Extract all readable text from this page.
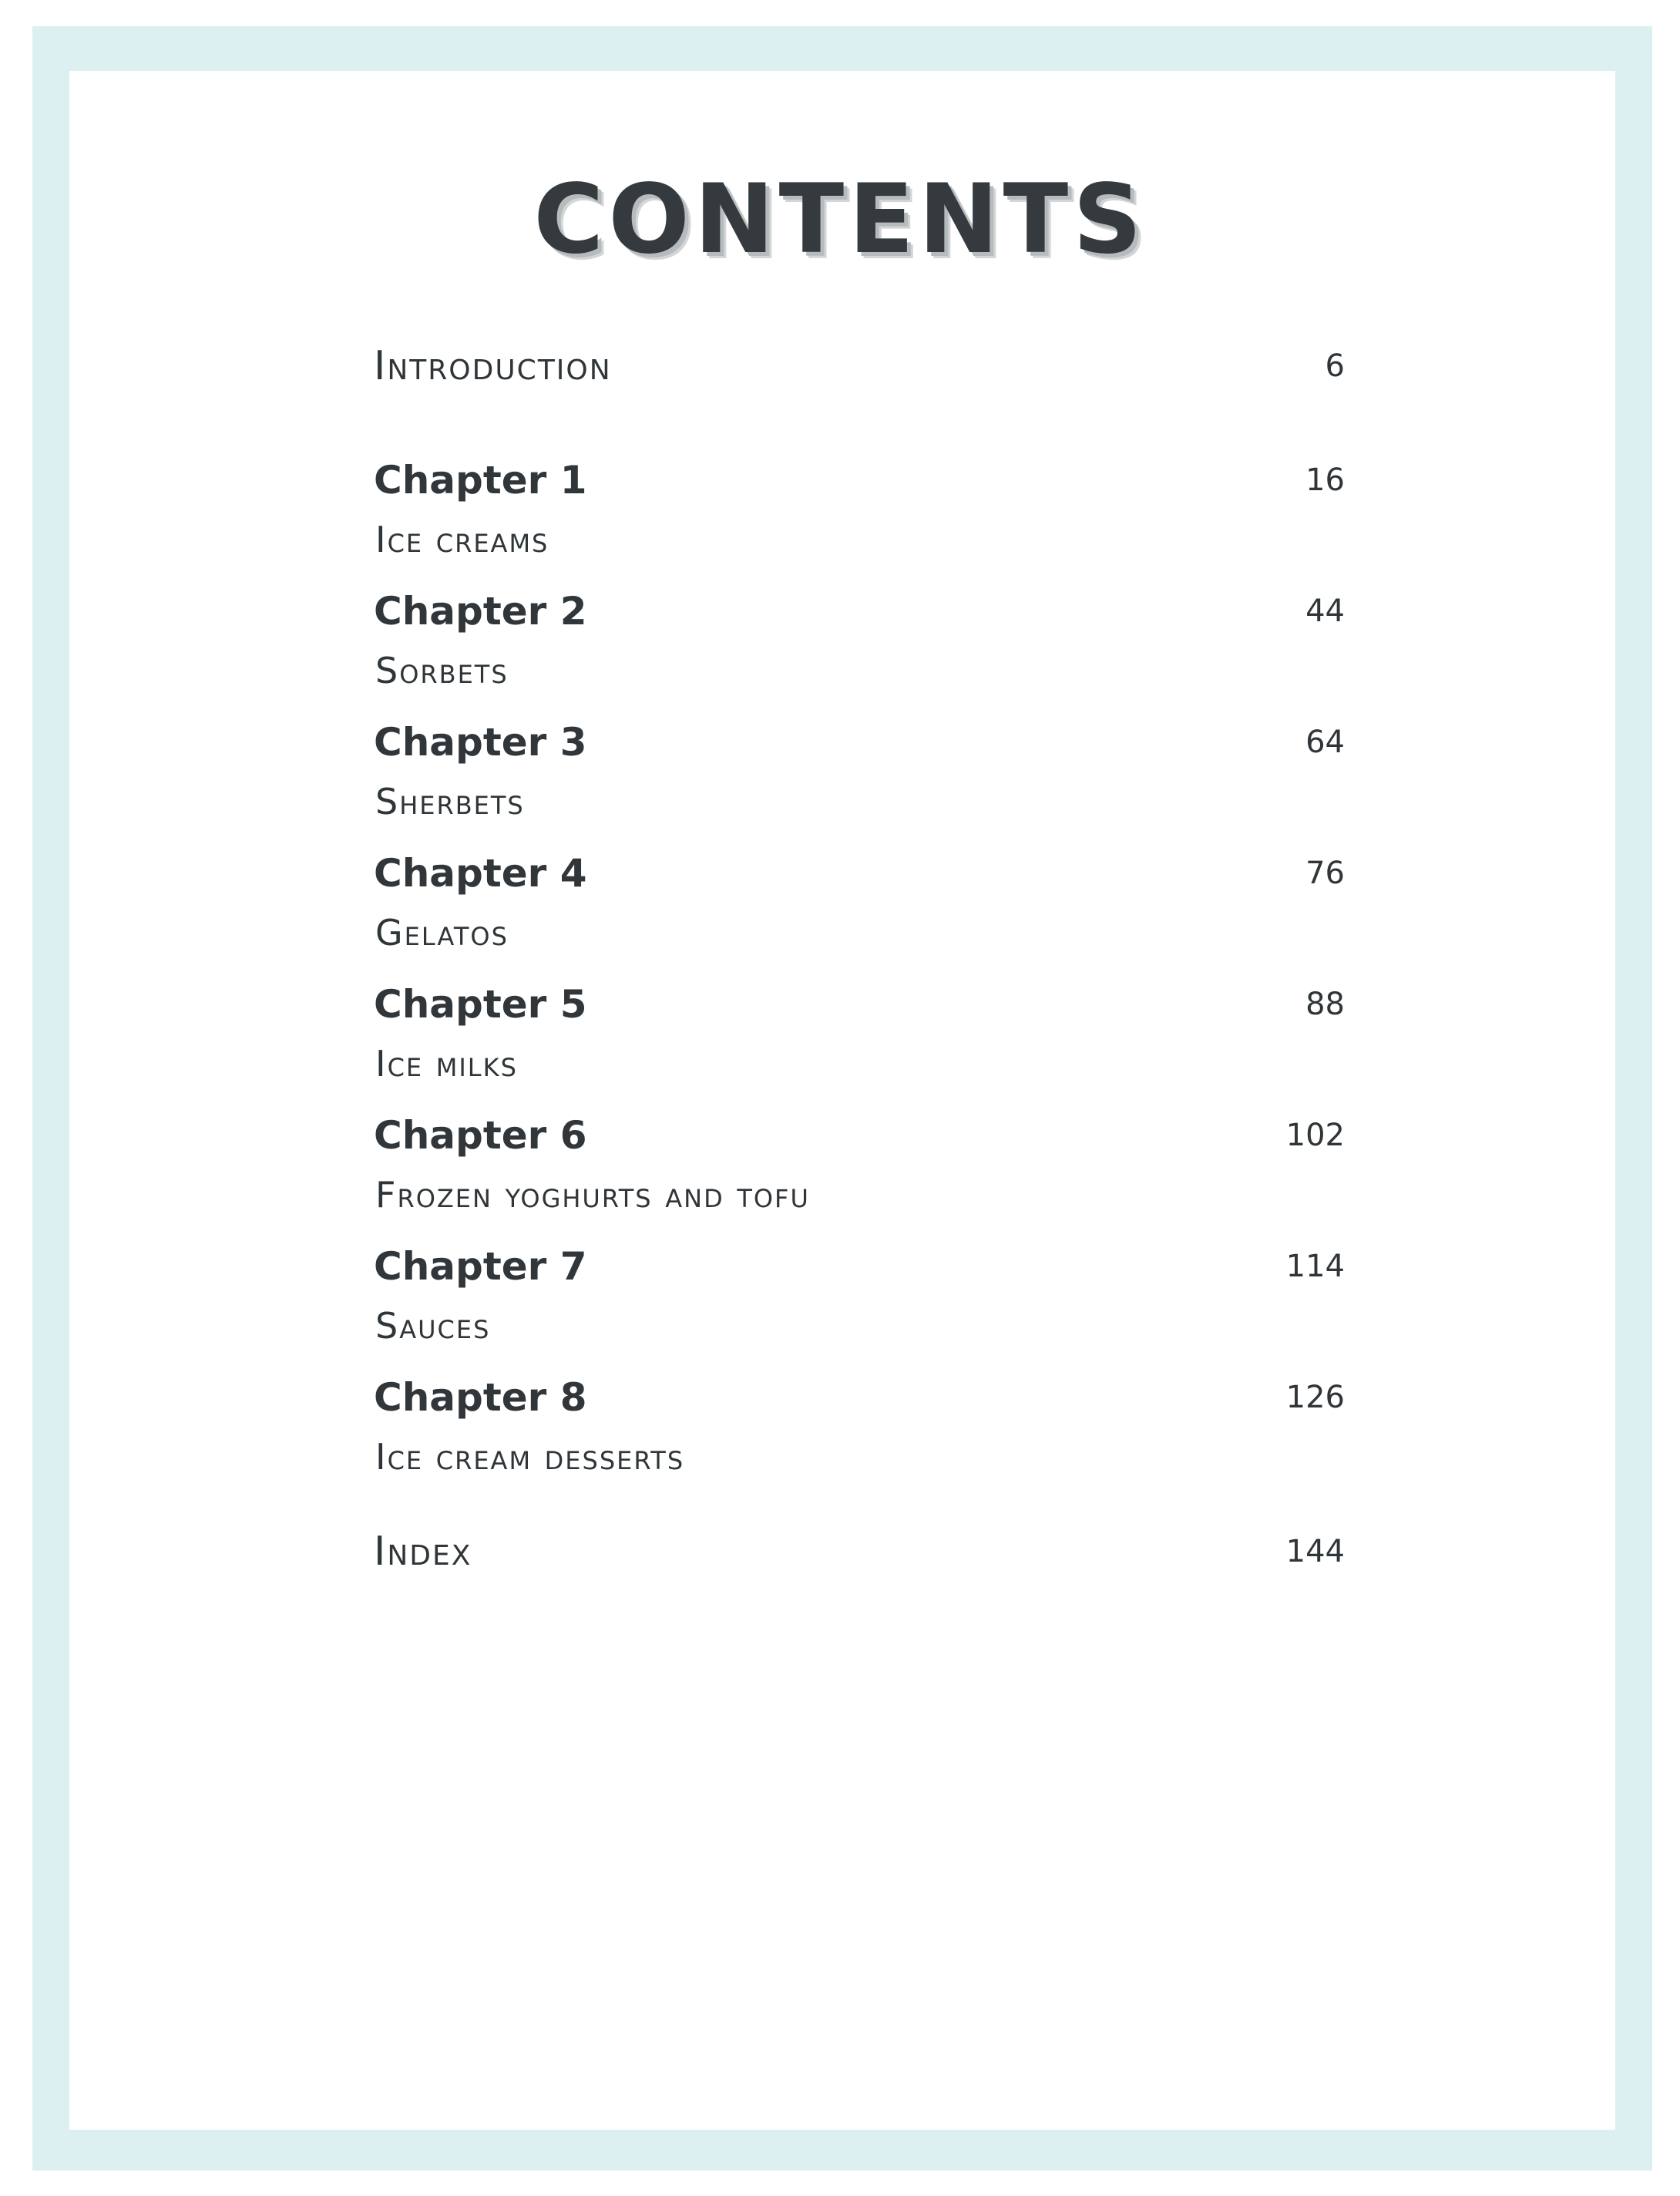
CONTENTS
Introduction	6
Chapter 1	16
Ice creams
Chapter 2	44
Sorbets
Chapter 3	64
Sherbets
Chapter 4	76
Gelatos
Chapter 5	88
Ice milks
Chapter 6	102
Frozen yoghurts and tofu
Chapter 7	114
Sauces
Chapter 8	126
Ice cream desserts
Index	144
